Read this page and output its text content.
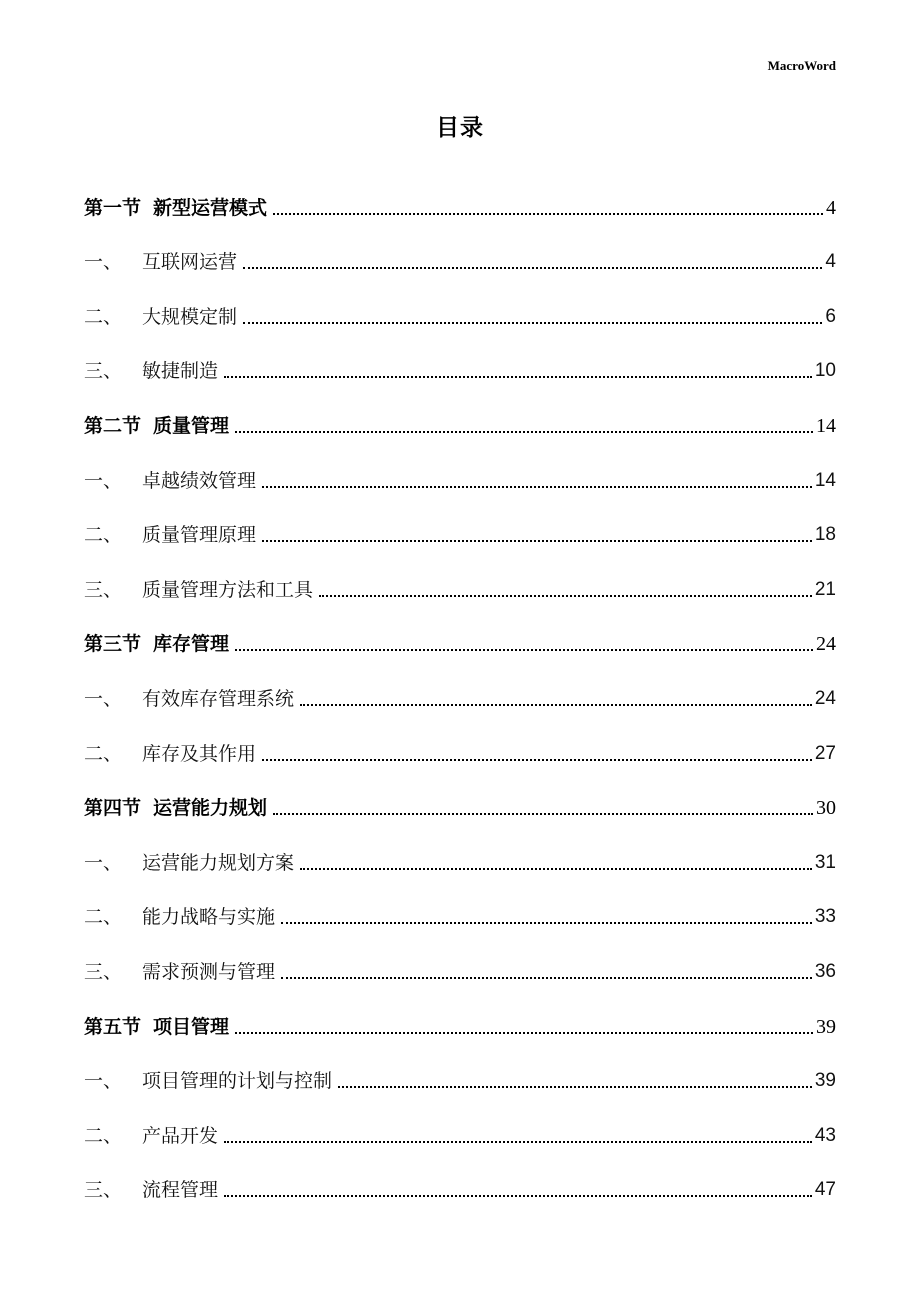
MacroWord
目录
第一节 新型运营模式	4
一、	互联网运营	4
二、	大规模定制	6
三、	敏捷制造	10
第二节 质量管理	14
一、	卓越绩效管理	14
二、	质量管理原理	18
三、	质量管理方法和工具	21
第三节 库存管理	24
一、	有效库存管理系统	24
二、	库存及其作用	27
第四节 运营能力规划	30
一、	运营能力规划方案	31
二、	能力战略与实施	33
三、	需求预测与管理	36
第五节 项目管理	39
一、	项目管理的计划与控制	39
二、	产品开发	43
三、	流程管理	47
